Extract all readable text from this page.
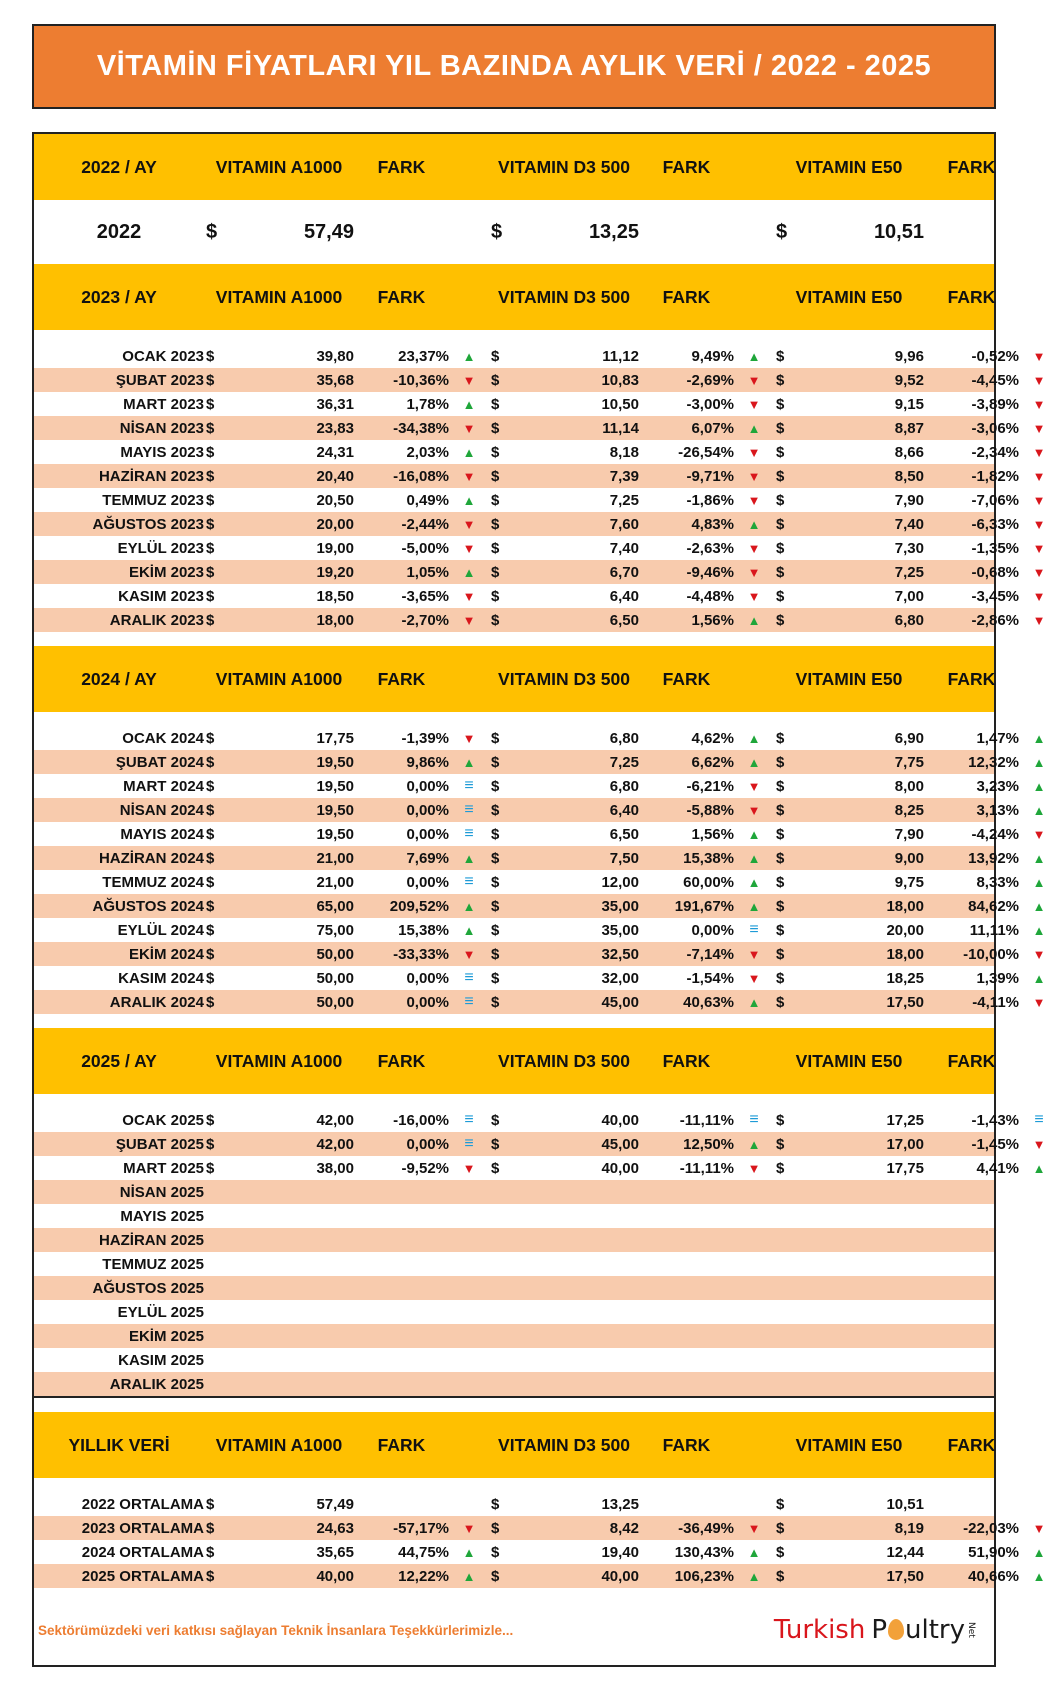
VİTAMİN FİYATLARI YIL BAZINDA AYLIK VERİ / 2022 - 2025
2022 / AY	VITAMIN A1000	FARK	VITAMIN D3 500	FARK	VITAMIN E50	FARK
2022	$	57,49	$	13,25	$	10,51
2023 / AY	VITAMIN A1000	FARK	VITAMIN D3 500	FARK	VITAMIN E50	FARK
OCAK 2023 $	39,80	23,37%	▲	$	11,12	9,49%	▲	$	9,96	-0,52%	▼
ŞUBAT 2023 $	35,68	-10,36%	▼	$	10,83	-2,69%	▼	$	9,52	-4,45%	▼
MART 2023 $	36,31	1,78%	▲	$	10,50	-3,00%	▼	$	9,15	-3,89%	▼
NİSAN 2023 $	23,83	-34,38%	▼	$	11,14	6,07%	▲	$	8,87	-3,06%	▼
MAYIS 2023 $	24,31	2,03%	▲	$	8,18	-26,54%	▼	$	8,66	-2,34%	▼
HAZİRAN 2023 $	20,40	-16,08%	▼	$	7,39	-9,71%	▼	$	8,50	-1,82%	▼
TEMMUZ 2023 $	20,50	0,49%	▲	$	7,25	-1,86%	▼	$	7,90	-7,06%	▼
AĞUSTOS 2023 $	20,00	-2,44%	▼	$	7,60	4,83%	▲	$	7,40	-6,33%	▼
EYLÜL 2023 $	19,00	-5,00%	▼	$	7,40	-2,63%	▼	$	7,30	-1,35%	▼
EKİM 2023 $	19,20	1,05%	▲	$	6,70	-9,46%	▼	$	7,25	-0,68%	▼
KASIM 2023 $	18,50	-3,65%	▼	$	6,40	-4,48%	▼	$	7,00	-3,45%	▼
ARALIK 2023 $	18,00	-2,70%	▼	$	6,50	1,56%	▲	$	6,80	-2,86%	▼
2024 / AY	VITAMIN A1000	FARK	VITAMIN D3 500	FARK	VITAMIN E50	FARK
OCAK 2024 $	17,75	-1,39%	▼	$	6,80	4,62%	▲	$	6,90	1,47%	▲
ŞUBAT 2024 $	19,50	9,86%	▲	$	7,25	6,62%	▲	$	7,75	12,32%	▲
MART 2024 $	19,50	0,00% ≡	$	6,80	-6,21%	▼	$	8,00	3,23%	▲
NİSAN 2024 $	19,50	0,00% ≡	$	6,40	-5,88%	▼	$	8,25	3,13%	▲
MAYIS 2024 $	19,50	0,00% ≡	$	6,50	1,56%	▲	$	7,90	-4,24%	▼
HAZİRAN 2024 $	21,00	7,69%	▲	$	7,50	15,38%	▲	$	9,00	13,92%	▲
TEMMUZ 2024 $	21,00	0,00% ≡	$	12,00	60,00%	▲	$	9,75	8,33%	▲
AĞUSTOS 2024 $	65,00	209,52%	▲	$	35,00	191,67%	▲	$	18,00	84,62%	▲
EYLÜL 2024 $	75,00	15,38%	▲	$	35,00	0,00% ≡	$	20,00	11,11%	▲
EKİM 2024 $	50,00	-33,33%	▼	$	32,50	-7,14%	▼	$	18,00	-10,00%	▼
KASIM 2024 $	50,00	0,00% ≡	$	32,00	-1,54%	▼	$	18,25	1,39%	▲
ARALIK 2024 $	50,00	0,00% ≡	$	45,00	40,63%	▲	$	17,50	-4,11%	▼
2025 / AY	VITAMIN A1000	FARK	VITAMIN D3 500	FARK	VITAMIN E50	FARK
OCAK 2025 $	42,00	-16,00% ≡	$	40,00	-11,11% ≡	$	17,25	-1,43% ≡
ŞUBAT 2025 $	42,00	0,00% ≡	$	45,00	12,50%	▲	$	17,00	-1,45%	▼
MART 2025 $	38,00	-9,52%	▼	$	40,00	-11,11%	▼	$	17,75	4,41%	▲
NİSAN 2025
MAYIS 2025
HAZİRAN 2025
TEMMUZ 2025
AĞUSTOS 2025
EYLÜL 2025
EKİM 2025
KASIM 2025
ARALIK 2025
YILLIK VERİ	VITAMIN A1000	FARK	VITAMIN D3 500	FARK	VITAMIN E50	FARK
2022 ORTALAMA $	57,49	$	13,25	$	10,51
2023 ORTALAMA $	24,63	-57,17%	▼	$	8,42	-36,49%	▼	$	8,19	-22,03%	▼
2024 ORTALAMA $	35,65	44,75%	▲	$	19,40	130,43%	▲	$	12,44	51,90%	▲
2025 ORTALAMA $	40,00	12,22%	▲	$	40,00	106,23%	▲	$	17,50	40,66%	▲
Sektörümüzdeki veri katkısı sağlayan Teknik İnsanlara Teşekkürlerimizle...	Turkish P ultry Net
